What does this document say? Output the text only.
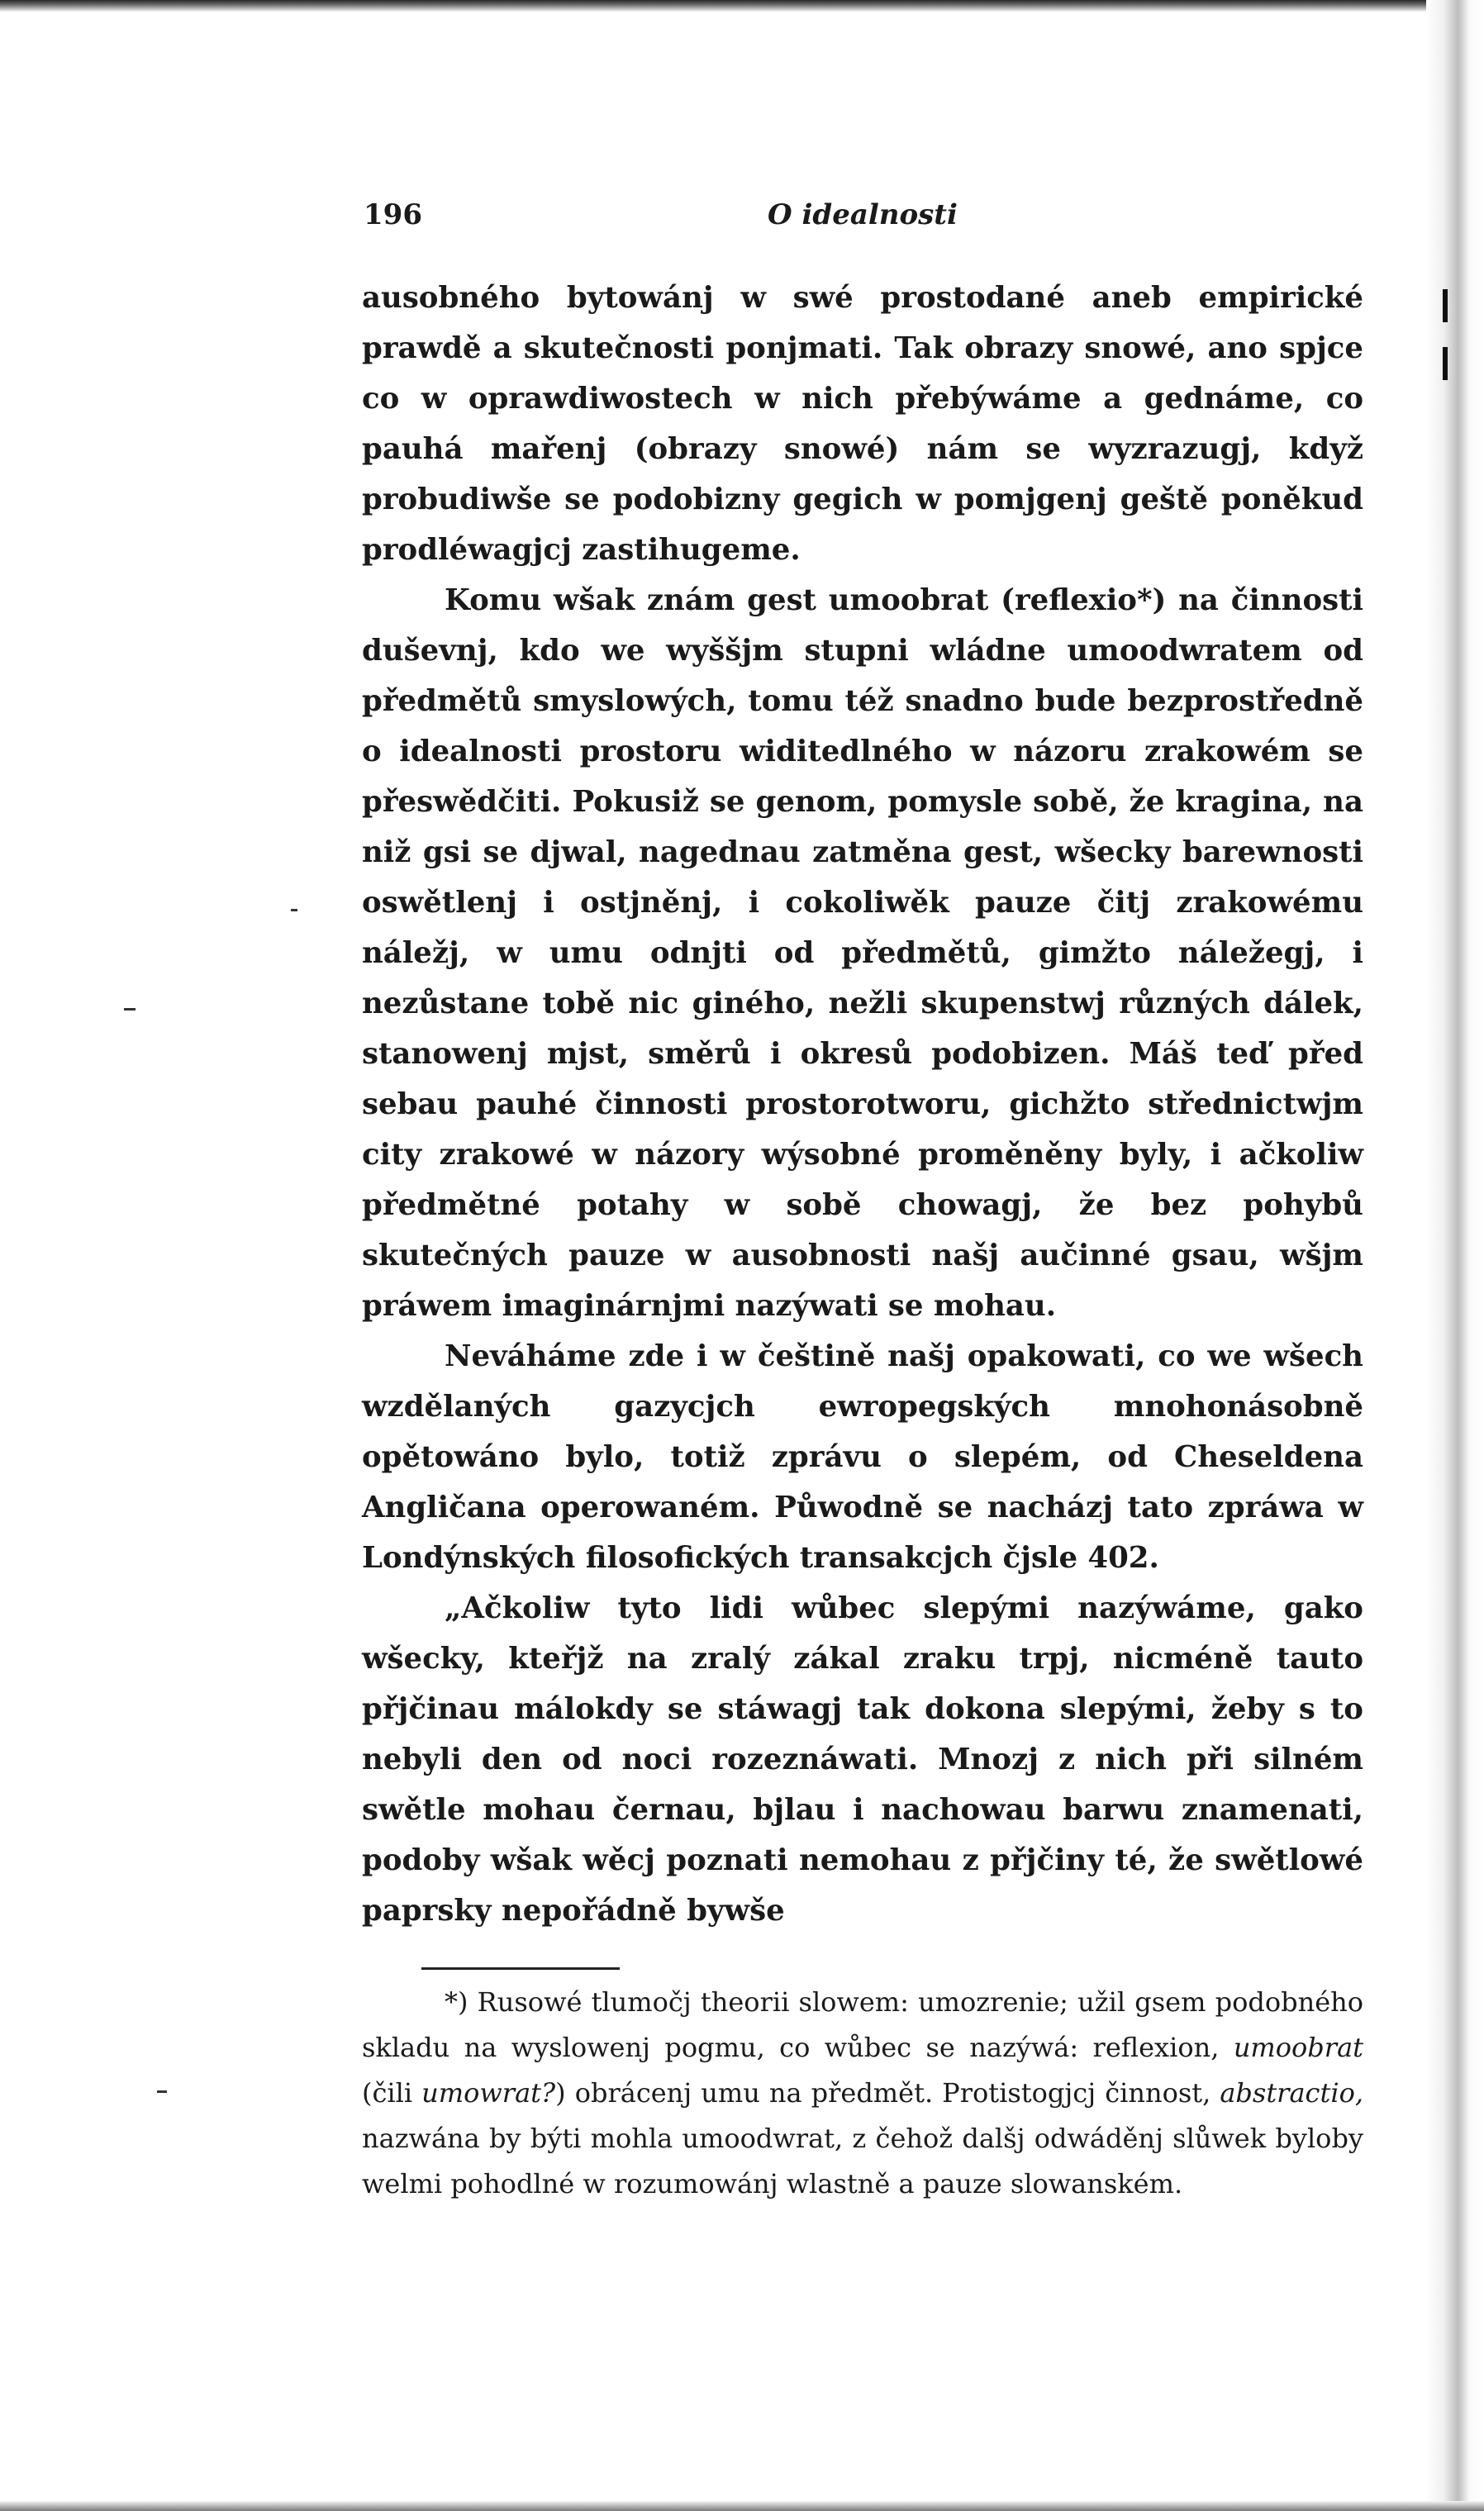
196	O idealnosti

ausobného bytowánj w swé prostodané aneb empirické prawdě a skutečnosti ponjmati. Tak obrazy snowé, ano spjce co w oprawdiwostech w nich přebýwáme a gednáme, co pauhá mařenj (obrazy snowé) nám se wyzrazugj, když probudiwše se podobizny gegich w pomjgenj geště poněkud prodléwagjcj zastihugeme.

Komu wšak znám gest umoobrat (reflexio*) na činnosti duševnj, kdo we wyššjm stupni wládne umoodwratem od předmětů smyslowých, tomu též snadno bude bezprostředně o idealnosti prostoru widitedlného w názoru zrakowém se přeswědčiti. Pokusiž se genom, pomysle sobě, že kragina, na niž gsi se djwal, nagednau zatměna gest, wšecky barewnosti oswětlenj i ostjněnj, i cokoliwěk pauze čitj zrakowému náležj, w umu odnjti od předmětů, gimžto náležegj, i nezůstane tobě nic giného, nežli skupenstwj různých dálek, stanowenj mjst, směrů i okresů podobizen. Máš teď před sebau pauhé činnosti prostorotworu, gichžto střednictwjm city zrakowé w názory wýsobné proměněny byly, i ačkoliw předmětné potahy w sobě chowagj, že bez pohybů skutečných pauze w ausobnosti našj aučinné gsau, wšjm práwem imaginárnjmi nazýwati se mohau.

Neváháme zde i w češtině našj opakowati, co we wšech wzdělaných gazycjch ewropegských mnohonásobně opětowáno bylo, totiž zprávu o slepém, od Cheseldena Angličana operowaném. Půwodně se nacházj tato zpráwa w Londýnských filosofických transakcjch čjsle 402.

„Ačkoliw tyto lidi wůbec slepými nazýwáme, gako wšecky, kteřjž na zralý zákal zraku trpj, nicméně tauto přjčinau málokdy se stáwagj tak dokona slepými, žeby s to nebyli den od noci rozeznáwati. Mnozj z nich při silném swětle mohau černau, bjlau i nachowau barwu znamenati, podoby wšak wěcj poznati nemohau z přjčiny té, že swětlowé paprsky nepořádně bywše

*) Rusowé tlumočj theorii slowem: umozrenie; užil gsem podobného skladu na wyslowenj pogmu, co wůbec se nazýwá: reflexion, umoobrat (čili umowrat?) obrácenj umu na předmět. Protistogjcj činnost, abstractio, nazwána by býti mohla umoodwrat, z čehož dalšj odwáděnj slůwek byloby welmi pohodlné w rozumowánj wlastně a pauze slowanském.
